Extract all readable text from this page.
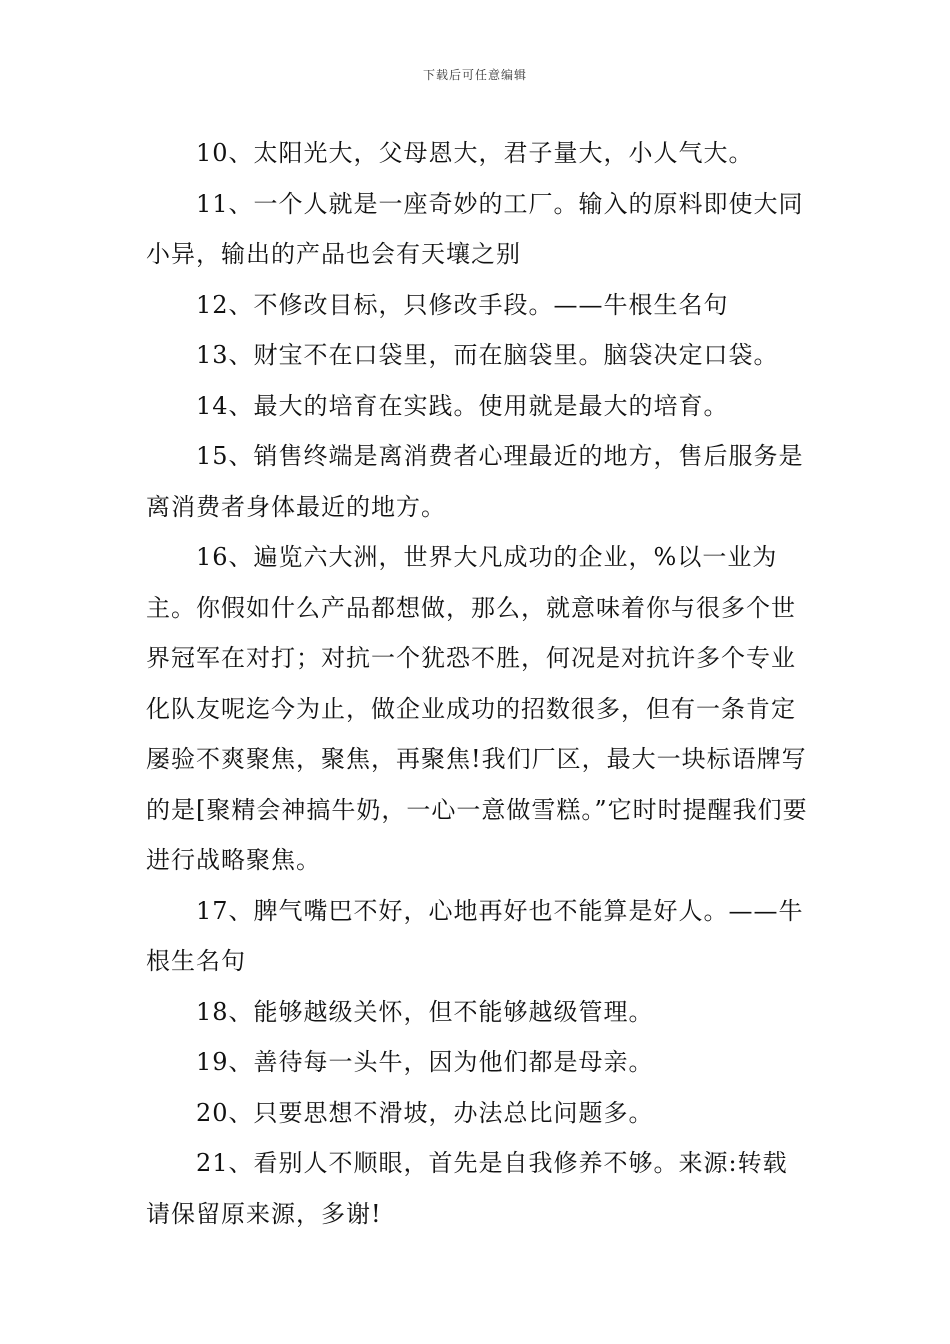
下载后可任意编辑

10、太阳光大，父母恩大，君子量大，小人气大。

11、一个人就是一座奇妙的工厂。输入的原料即使大同小异，输出的产品也会有天壤之别

12、不修改目标，只修改手段。——牛根生名句

13、财宝不在口袋里，而在脑袋里。脑袋决定口袋。

14、最大的培育在实践。使用就是最大的培育。

15、销售终端是离消费者心理最近的地方，售后服务是离消费者身体最近的地方。

16、遍览六大洲，世界大凡成功的企业，%以一业为主。你假如什么产品都想做，那么，就意味着你与很多个世界冠军在对打；对抗一个犹恐不胜，何况是对抗许多个专业化队友呢迄今为止，做企业成功的招数很多，但有一条肯定屡验不爽聚焦，聚焦，再聚焦!我们厂区，最大一块标语牌写的是[聚精会神搞牛奶，一心一意做雪糕。”它时时提醒我们要进行战略聚焦。

17、脾气嘴巴不好，心地再好也不能算是好人。——牛根生名句

18、能够越级关怀，但不能够越级管理。

19、善待每一头牛，因为他们都是母亲。

20、只要思想不滑坡，办法总比问题多。

21、看别人不顺眼，首先是自我修养不够。来源:转载请保留原来源，多谢!
